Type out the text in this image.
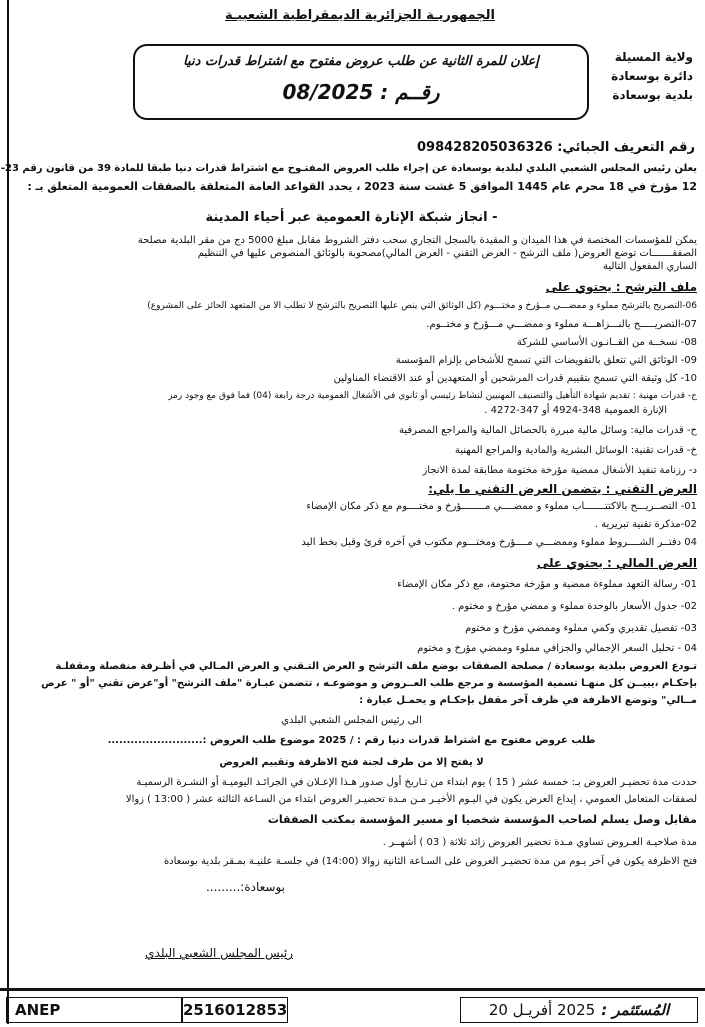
الجمهوريـة الجزائرية الديمقراطية الشعبيـة
ولاية المسيلة
دائرة بوسعادة
بلدية بوسعادة
إعلان للمرة الثانية عن طلب عروض مفتوح مع اشتراط قدرات دنيا
رقــم : 08/2025
رقم التعريف الجبائي: 098428205036326
يعلن رئيس المجلس الشعبي البلدي لبلدية بوسعادة عن إجراء طلب العروض المفتـوح مع اشتراط قدرات دنيا طبقا للمادة 39 من قانون رقم 23-
12 مؤرخ في 18 محرم عام 1445 الموافق 5 غشت سنة 2023 ، يحدد القواعد العامة المتعلقة بالصفقات العمومية المتعلق بـ :
- انجاز شبكة الإنارة العمومية عبر أحياء المدينة
يمكن للمؤسسات المختصة في هذا الميدان و المقيدة بالسجل التجاري سحب دفتر الشروط مقابل مبلغ 5000 دج من مقر البلدية مصلحة
الصفقـــــــات توضع العروض( ملف الترشح - العرض التقني - العرض المالي)مصحوبة بالوثائق المنصوص عليها في التنظيم
الساري المفعول التالية
ملف الترشح : يحتوي على
06-التصريح بالترشح مملوء و ممضـــي مــؤرخ و مختـــوم (كل الوثائق التي ينص عليها التصريح بالترشح لا تطلب الا من المتعهد الحائز على المشروع)
07-التصريـــــح بالنـــزاهـــة مملوء و ممضـــي مـــؤرخ و مختــوم.
08- نسخــة من القــانـون الأساسي للشركة
09- الوثائق التي تتعلق بالتفويضات التي تسمح للأشخاص بإلزام المؤسسة
10- كل وثيقة التي تسمح بتقييم قدرات المرشحين أو المتعهدين أو عند الاقتضاء المناولين
ج- قدرات مهنية : تقديم شهادة التأهيل والتصنيف المهنيين لنشاط رئيسي أو ثانوي في الأشغال العمومية درجة رابعة (04) فما فوق مع وجود رمز
الإنارة العمومية 348-4924 أو 347-4272 .
ح- قدرات مالية: وسائل مالية مبررة بالحصائل المالية والمراجع المصرفية
خ- قدرات تقنية: الوسائل البشرية والمادية والمراجع المهنية
د- رزنامة تنفيذ الأشغال ممضية مؤرخة مختومة مطابقة لمدة الانجاز
العرض التقني : يتضمن العرض التقني ما يلي:
01- التصــريـــح بالاكتتـــــــاب مملوء و ممضــــي مــــــــؤرخ و مختــــوم مع ذكر مكان الإمضاء
02-مذكرة تقنية تبريرية .
04 دفتــر الشــــروط مملوء وممضـــي مــــؤرخ ومختـــوم مكتوب في آخره قرئ وقبل بخط اليد
العرض المالي : يحتوي على
01- رسالة التعهد مملوءة ممضية و مؤرخة مختومة، مع ذكر مكان الإمضاء
02- جدول الأسعار بالوحدة مملوء و ممضي مؤرخ و مختوم .
03- تفصيل تقديري وكمي مملوء وممضي مؤرخ و مختوم
04 - تحليل السعر الإجمالي والجزافي مملوء وممضي مؤرخ و مختوم
تـودع العروض ببلدية بوسعادة / مصلحة الصفقات بوضع ملف الترشح و العرض التـقني و العرض المـالي في أظـرفة منفصلة ومقفلـة
بإحكـام ،يبيــن كل منهـا تسمية المؤسسة و مرجع طلب العــروض و موضوعـه ، تتضمن عبـارة "ملف الترشح" أو"عرض تقني "أو " عرض
مــالي" وتوضع الاظرفة في ظرف آخر مقفل بإحكـام و يحمـل عبارة :
الى رئيس المجلس الشعبي البلدي
طلب عروض مفتوح مع اشتراط قدرات دنيا رقم : / 2025 موضوع طلب العروض :.........................
لا يفتح إلا من طرف لجنة فتح الاظرفة وتقييم العروض
حددت مدة تحضيـر العروض بـ: خمسة عشر ( 15 ) يوم ابتداء من تـاريخ أول صدور هـذا الإعـلان في الجرائـد اليوميـة أو النشـرة الرسميـة
لصفقات المتعامل العمومي ، إيداع العرض يكون في اليـوم الأخيـر مـن مـدة تحضيـر العروض ابتداء من السـاعة الثالثة عشر ( 13:00 ) زوالا
مقابل وصل يسلم لصاحب المؤسسة شخصيا او مسير المؤسسة بمكتب الصفقات
مدة صلاحيـة العـروض تساوي مـدة تحضير العروض زائد ثلاثة ( 03 ) أشهــر .
فتح الاظرفة يكون في آخر يـوم من مدة تحضيـر العروض على السـاعة الثانية زوالا (14:00) في جلسـة علنيـة بمـقر بلدية بوسعادة
بوسعادة:.........
رئيس المجلس الشعبي البلدي
ANEP	2516012853	المُستَثمر :
2025 أفريـل 20
